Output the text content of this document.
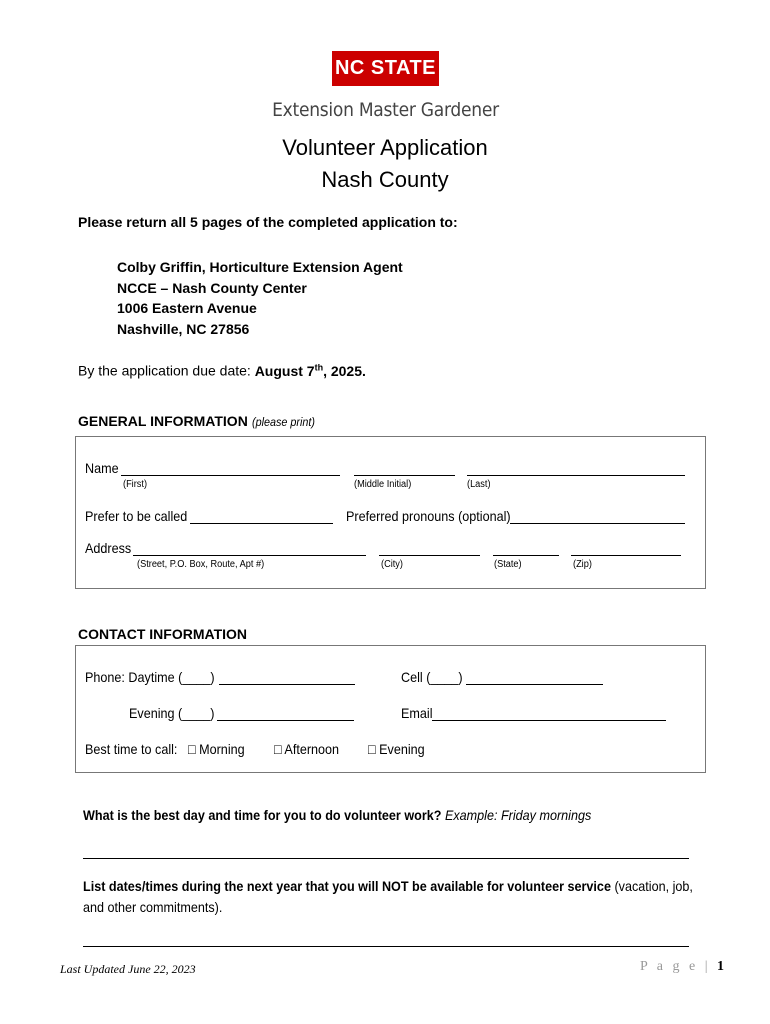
NC STATE
Extension Master Gardener
Volunteer Application
Nash County
Please return all 5 pages of the completed application to:
Colby Griffin, Horticulture Extension Agent
NCCE – Nash County Center
1006 Eastern Avenue
Nashville, NC 27856
By the application due date: August 7th, 2025.
GENERAL INFORMATION (please print)
Name
(First)	(Middle Initial)	(Last)
Prefer to be called	Preferred pronouns (optional)
Address
(Street, P.O. Box, Route, Apt #)	(City)	(State)	(Zip)
CONTACT INFORMATION
Phone: Daytime (____)	Cell (____)
Evening (____)	Email
Best time to call: □ Morning □ Afternoon □ Evening
What is the best day and time for you to do volunteer work? Example: Friday mornings
List dates/times during the next year that you will NOT be available for volunteer service (vacation, job,
and other commitments).
Last Updated June 22, 2023	P a g e | 1
